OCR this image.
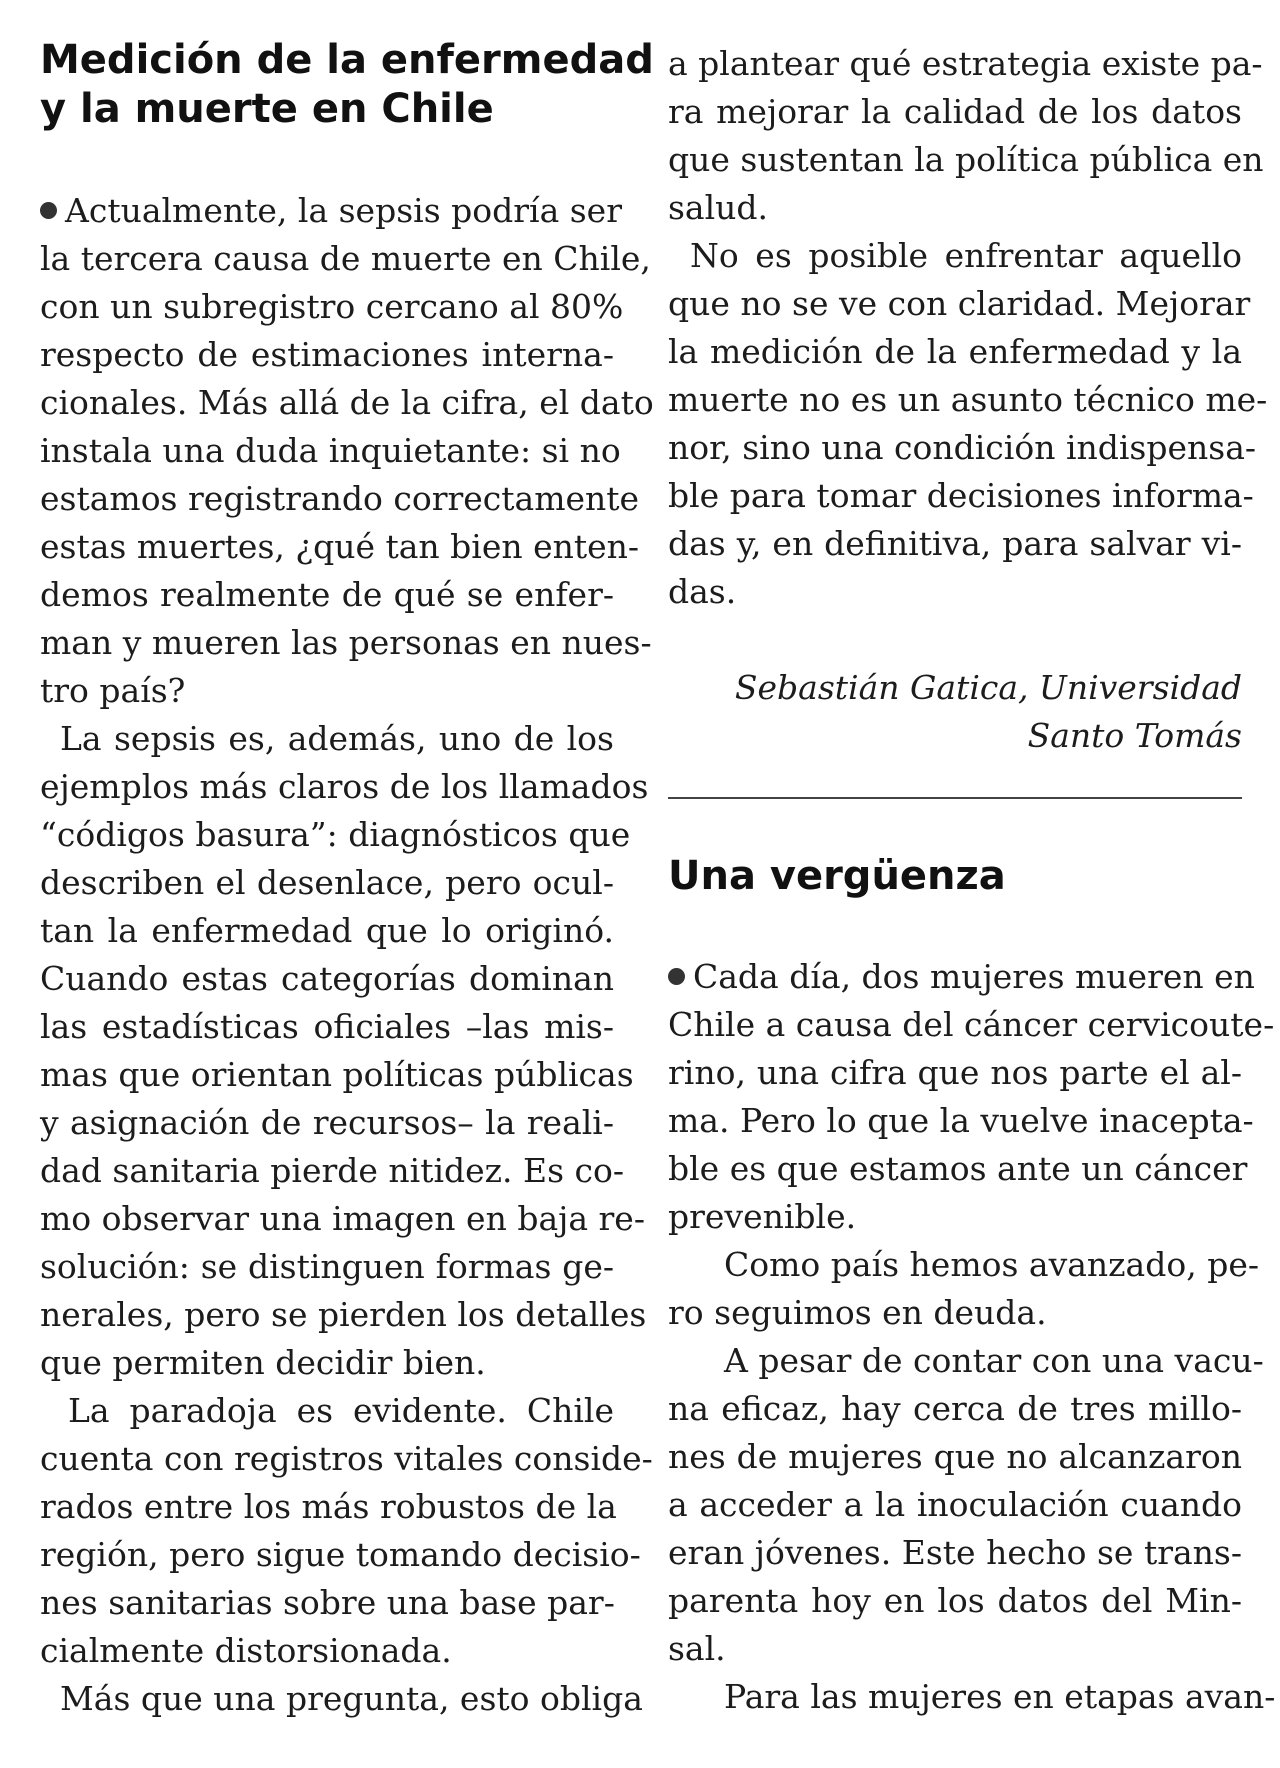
Medición de la enfermedad
y la muerte en Chile
Actualmente, la sepsis podría ser
la tercera causa de muerte en Chile,
con un subregistro cercano al 80%
respecto de estimaciones interna-
cionales. Más allá de la cifra, el dato
instala una duda inquietante: si no
estamos registrando correctamente
estas muertes, ¿qué tan bien enten-
demos realmente de qué se enfer-
man y mueren las personas en nues-
tro país?
La sepsis es, además, uno de los
ejemplos más claros de los llamados
“códigos basura”: diagnósticos que
describen el desenlace, pero ocul-
tan la enfermedad que lo originó.
Cuando estas categorías dominan
las estadísticas oficiales –las mis-
mas que orientan políticas públicas
y asignación de recursos– la reali-
dad sanitaria pierde nitidez. Es co-
mo observar una imagen en baja re-
solución: se distinguen formas ge-
nerales, pero se pierden los detalles
que permiten decidir bien.
La paradoja es evidente. Chile
cuenta con registros vitales conside-
rados entre los más robustos de la
región, pero sigue tomando decisio-
nes sanitarias sobre una base par-
cialmente distorsionada.
Más que una pregunta, esto obliga
a plantear qué estrategia existe pa-
ra mejorar la calidad de los datos
que sustentan la política pública en
salud.
No es posible enfrentar aquello
que no se ve con claridad. Mejorar
la medición de la enfermedad y la
muerte no es un asunto técnico me-
nor, sino una condición indispensa-
ble para tomar decisiones informa-
das y, en definitiva, para salvar vi-
das.
Sebastián Gatica, Universidad
Santo Tomás
Una vergüenza
Cada día, dos mujeres mueren en
Chile a causa del cáncer cervicoute-
rino, una cifra que nos parte el al-
ma. Pero lo que la vuelve inacepta-
ble es que estamos ante un cáncer
prevenible.
Como país hemos avanzado, pe-
ro seguimos en deuda.
A pesar de contar con una vacu-
na eficaz, hay cerca de tres millo-
nes de mujeres que no alcanzaron
a acceder a la inoculación cuando
eran jóvenes. Este hecho se trans-
parenta hoy en los datos del Min-
sal.
Para las mujeres en etapas avan-
